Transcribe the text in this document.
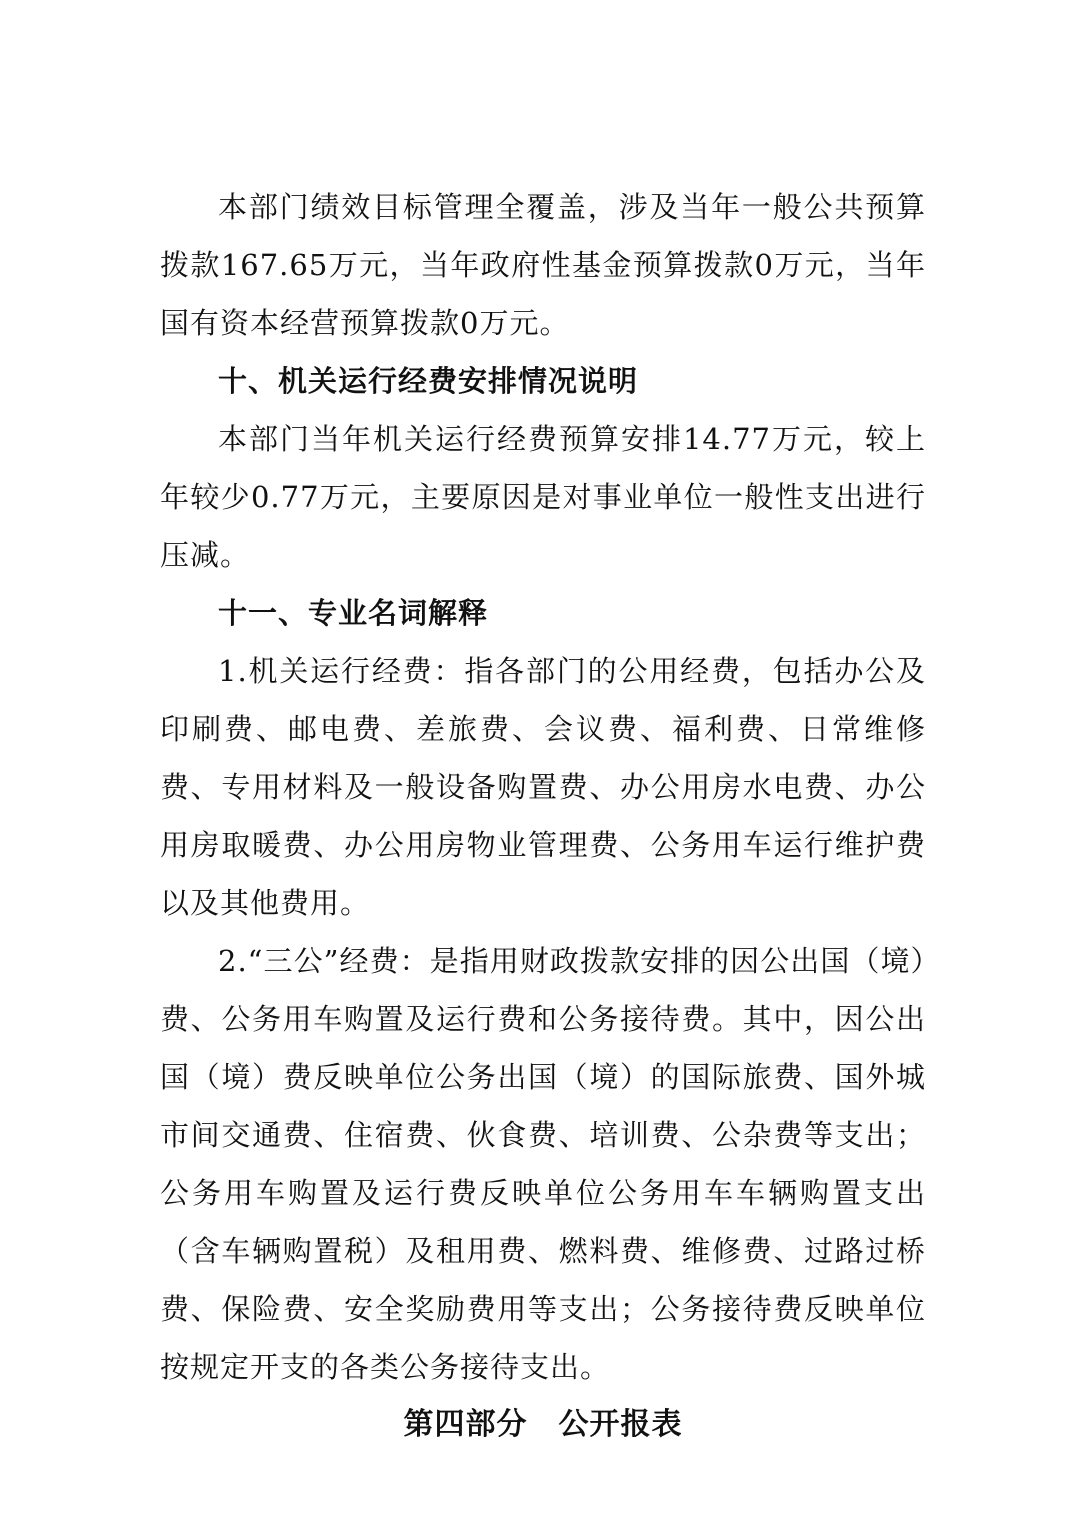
本部门绩效目标管理全覆盖，涉及当年一般公共预算拨款167.65万元，当年政府性基金预算拨款0万元，当年国有资本经营预算拨款0万元。

十、机关运行经费安排情况说明

本部门当年机关运行经费预算安排14.77万元，较上年较少0.77万元，主要原因是对事业单位一般性支出进行压减。

十一、专业名词解释

1.机关运行经费：指各部门的公用经费，包括办公及印刷费、邮电费、差旅费、会议费、福利费、日常维修费、专用材料及一般设备购置费、办公用房水电费、办公用房取暖费、办公用房物业管理费、公务用车运行维护费以及其他费用。

2.“三公”经费：是指用财政拨款安排的因公出国（境）费、公务用车购置及运行费和公务接待费。其中，因公出国（境）费反映单位公务出国（境）的国际旅费、国外城市间交通费、住宿费、伙食费、培训费、公杂费等支出；公务用车购置及运行费反映单位公务用车车辆购置支出（含车辆购置税）及租用费、燃料费、维修费、过路过桥费、保险费、安全奖励费用等支出；公务接待费反映单位按规定开支的各类公务接待支出。

第四部分　公开报表
